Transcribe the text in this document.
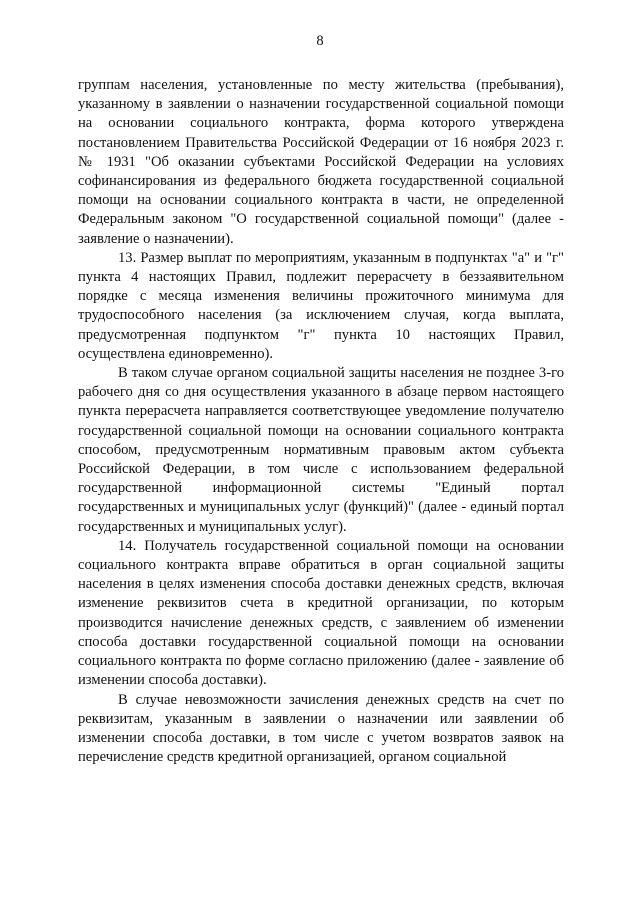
8

группам населения, установленные по месту жительства (пребывания), указанному в заявлении о назначении государственной социальной помощи на основании социального контракта, форма которого утверждена постановлением Правительства Российской Федерации от 16 ноября 2023 г. № 1931 "Об оказании субъектами Российской Федерации на условиях софинансирования из федерального бюджета государственной социальной помощи на основании социального контракта в части, не определенной Федеральным законом "О государственной социальной помощи" (далее - заявление о назначении).

13. Размер выплат по мероприятиям, указанным в подпунктах "а" и "г" пункта 4 настоящих Правил, подлежит перерасчету в беззаявительном порядке с месяца изменения величины прожиточного минимума для трудоспособного населения (за исключением случая, когда выплата, предусмотренная подпунктом "г" пункта 10 настоящих Правил, осуществлена единовременно).

В таком случае органом социальной защиты населения не позднее 3-го рабочего дня со дня осуществления указанного в абзаце первом настоящего пункта перерасчета направляется соответствующее уведомление получателю государственной социальной помощи на основании социального контракта способом, предусмотренным нормативным правовым актом субъекта Российской Федерации, в том числе с использованием федеральной государственной информационной системы "Единый портал государственных и муниципальных услуг (функций)" (далее - единый портал государственных и муниципальных услуг).

14. Получатель государственной социальной помощи на основании социального контракта вправе обратиться в орган социальной защиты населения в целях изменения способа доставки денежных средств, включая изменение реквизитов счета в кредитной организации, по которым производится начисление денежных средств, с заявлением об изменении способа доставки государственной социальной помощи на основании социального контракта по форме согласно приложению (далее - заявление об изменении способа доставки).

В случае невозможности зачисления денежных средств на счет по реквизитам, указанным в заявлении о назначении или заявлении об изменении способа доставки, в том числе с учетом возвратов заявок на перечисление средств кредитной организацией, органом социальной
